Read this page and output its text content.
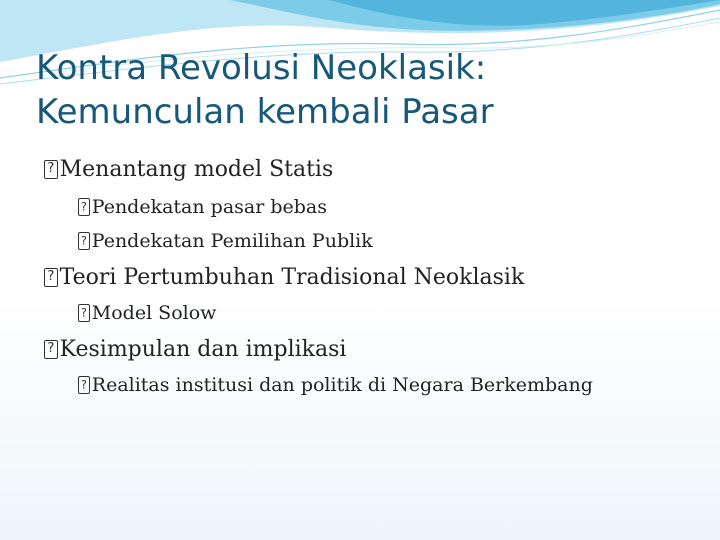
Kontra Revolusi Neoklasik:
Kemunculan kembali Pasar
?
Menantang model Statis
?
Pendekatan pasar bebas
?
Pendekatan Pemilihan Publik
?
Teori Pertumbuhan Tradisional Neoklasik
?
Model Solow
?
Kesimpulan dan implikasi
?
Realitas institusi dan politik di Negara Berkembang
